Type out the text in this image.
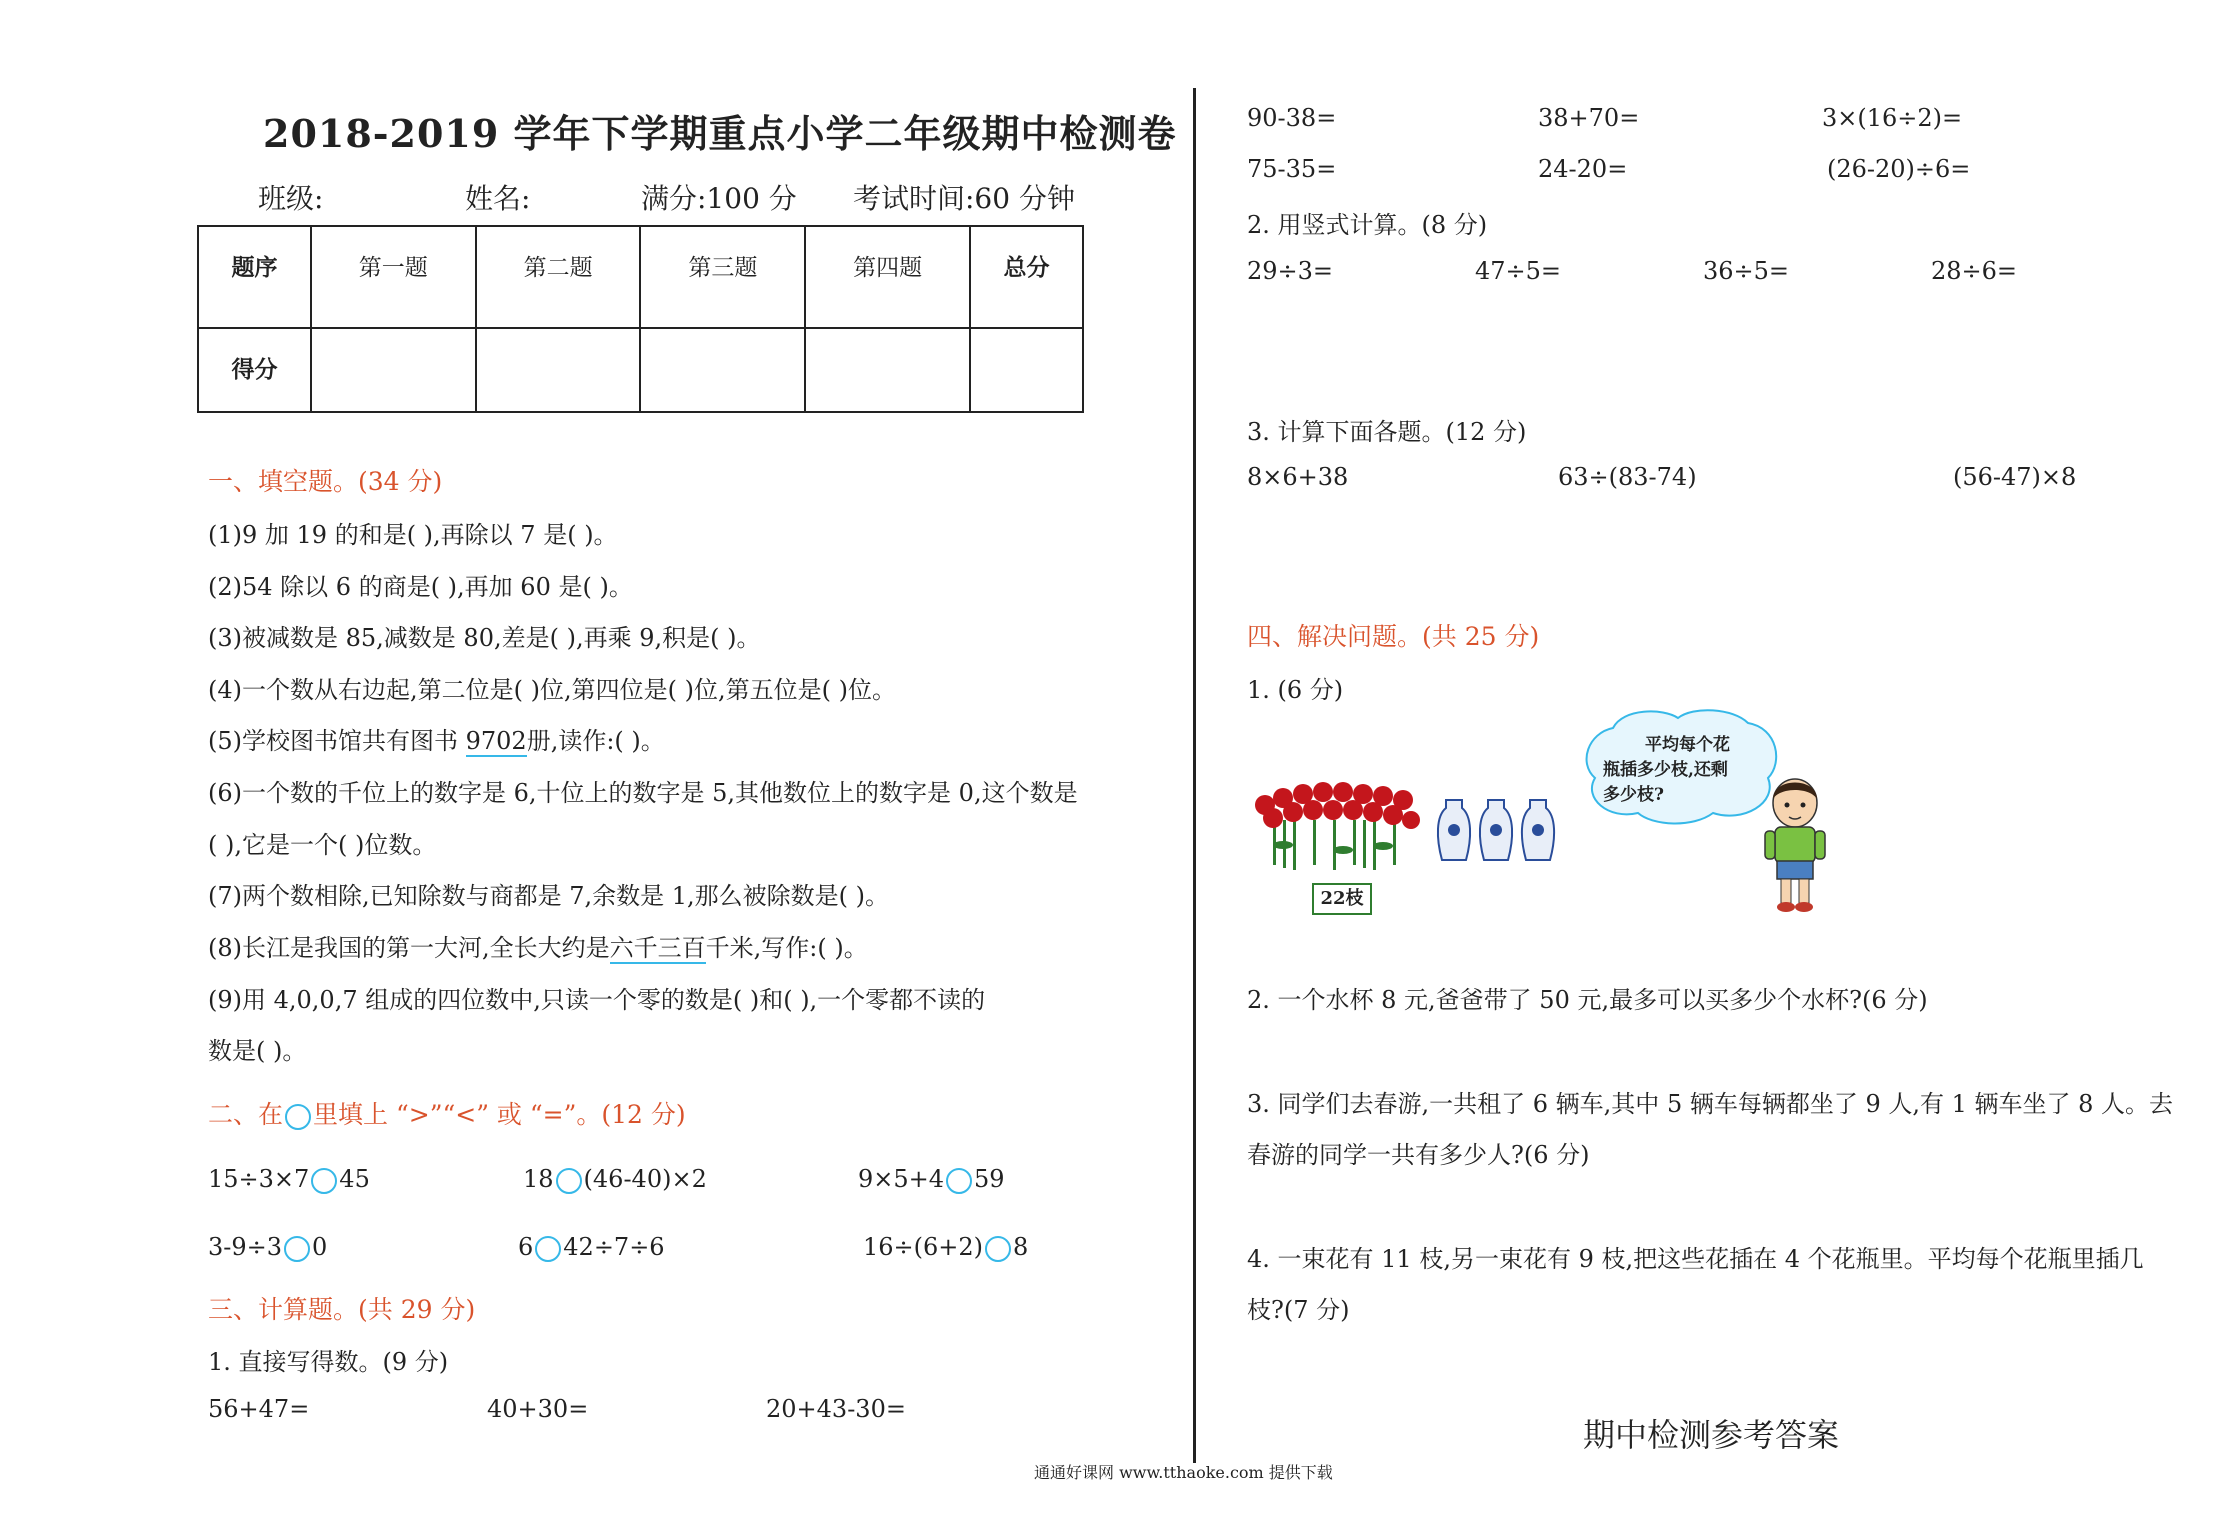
2018-2019 学年下学期重点小学二年级期中检测卷
班级:	姓名:	满分:100 分 考试时间:60 分钟
题序	第一题	第二题	第三题	第四题	总分
得分					
一、填空题。(34 分)
(1)9 加 19 的和是( ),再除以 7 是( )。
(2)54 除以 6 的商是( ),再加 60 是( )。
(3)被减数是 85,减数是 80,差是( ),再乘 9,积是( )。
(4)一个数从右边起,第二位是( )位,第四位是( )位,第五位是( )位。
(5)学校图书馆共有图书 9702册,读作:( )。
(6)一个数的千位上的数字是 6,十位上的数字是 5,其他数位上的数字是 0,这个数是
( ),它是一个( )位数。
(7)两个数相除,已知除数与商都是 7,余数是 1,那么被除数是( )。
(8)长江是我国的第一大河,全长大约是六千三百千米,写作:( )。
(9)用 4,0,0,7 组成的四位数中,只读一个零的数是( )和( ),一个零都不读的
数是( )。
二、在 里填上 “>”“<” 或 “=”。(12 分)
15÷3×7 45	18 (46-40)×2	9×5+4 59
3-9÷3 0	6 42÷7÷6	16÷(6+2) 8
三、计算题。(共 29 分)
1. 直接写得数。(9 分)
56+47=	40+30=	20+43-30=
通通好课网 www.tthaoke.com 提供下载
90-38=	38+70=	3×(16÷2)=
75-35=	24-20=	(26-20)÷6=
2. 用竖式计算。(8 分)
29÷3=	47÷5=	36÷5=	28÷6=
3. 计算下面各题。(12 分)
8×6+38	63÷(83-74)	(56-47)×8
四、解决问题。(共 25 分)
1. (6 分)
22枝
平均每个花
瓶插多少枝,还剩
多少枝?
2. 一个水杯 8 元,爸爸带了 50 元,最多可以买多少个水杯?(6 分)
3. 同学们去春游,一共租了 6 辆车,其中 5 辆车每辆都坐了 9 人,有 1 辆车坐了 8 人。去
春游的同学一共有多少人?(6 分)
4. 一束花有 11 枝,另一束花有 9 枝,把这些花插在 4 个花瓶里。平均每个花瓶里插几
枝?(7 分)
期中检测参考答案
